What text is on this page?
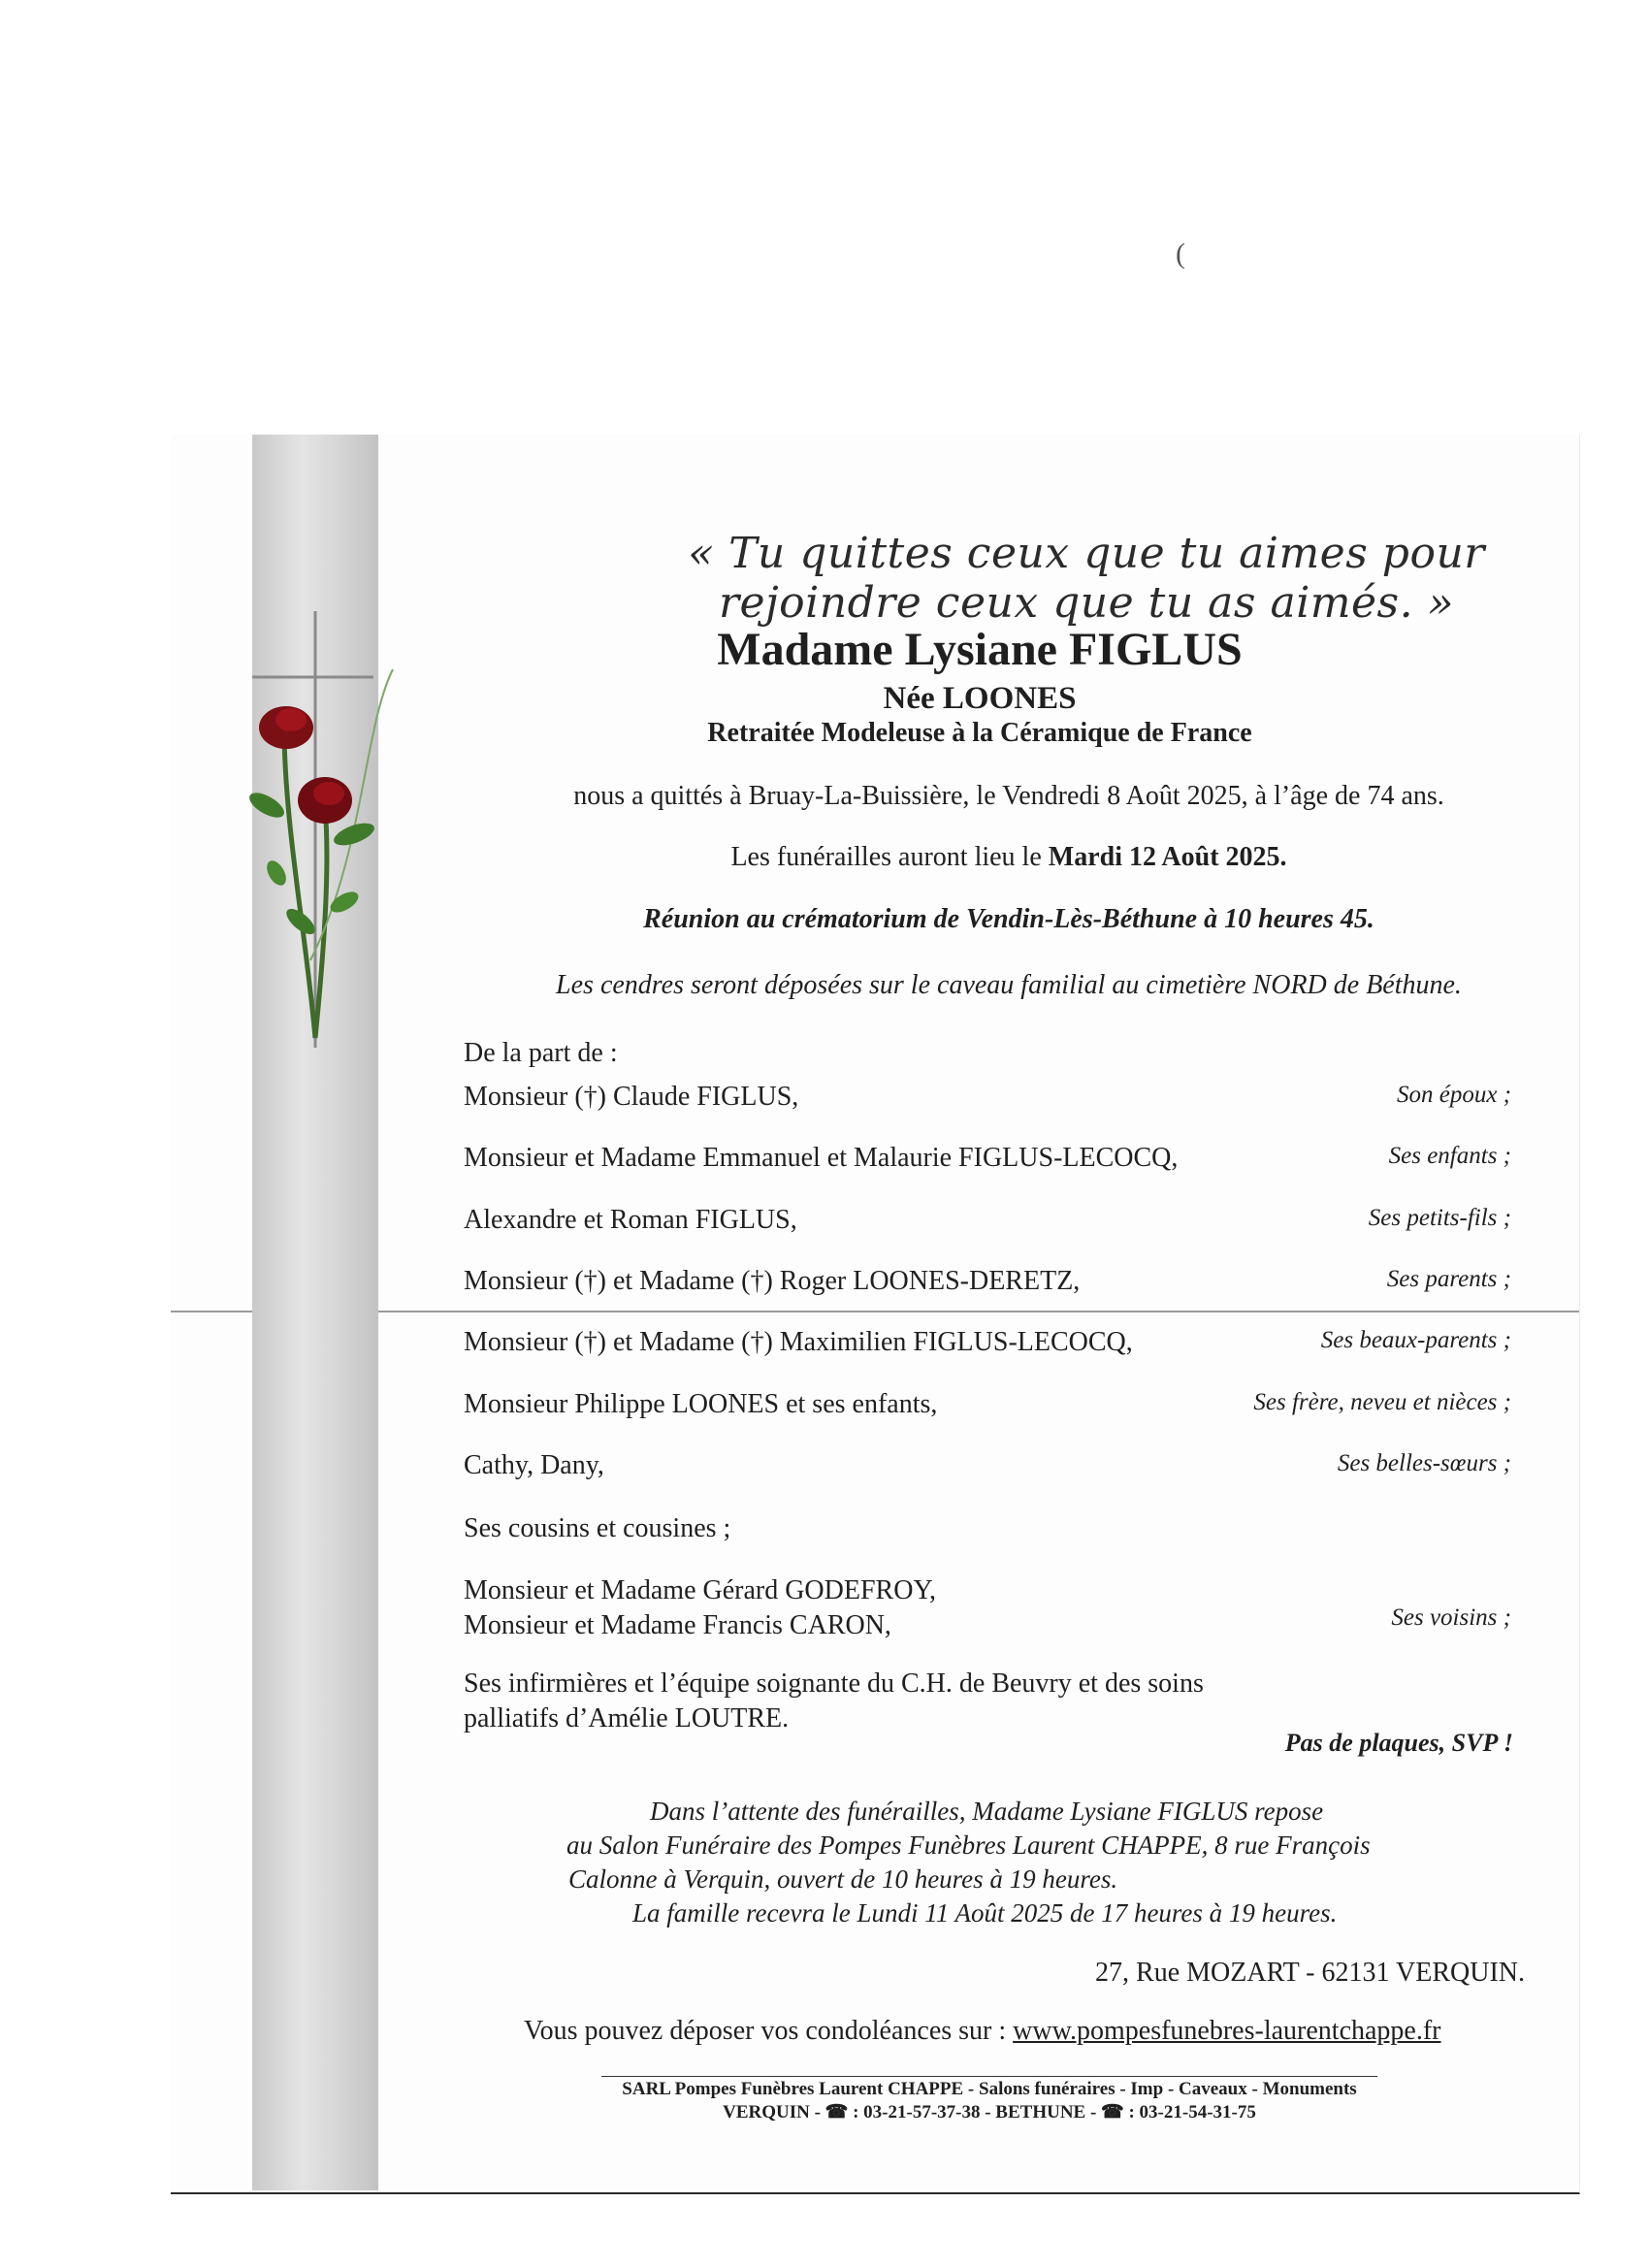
(
« Tu quittes ceux que tu aimes pour rejoindre ceux que tu as aimés. »
Madame Lysiane FIGLUS
Née LOONES
Retraitée Modeleuse à la Céramique de France
nous a quittés à Bruay-La-Buissière, le Vendredi 8 Août 2025, à l’âge de 74 ans.
Les funérailles auront lieu le Mardi 12 Août 2025.
Réunion au crématorium de Vendin-Lès-Béthune à 10 heures 45.
Les cendres seront déposées sur le caveau familial au cimetière NORD de Béthune.
De la part de :
Monsieur (†) Claude FIGLUS,	Son époux ;
Monsieur et Madame Emmanuel et Malaurie FIGLUS-LECOCQ,	Ses enfants ;
Alexandre et Roman FIGLUS,	Ses petits-fils ;
Monsieur (†) et Madame (†) Roger LOONES-DERETZ,	Ses parents ;
Monsieur (†) et Madame (†) Maximilien FIGLUS-LECOCQ,	Ses beaux-parents ;
Monsieur Philippe LOONES et ses enfants,	Ses frère, neveu et nièces ;
Cathy, Dany,	Ses belles-sœurs ;
Ses cousins et cousines ;
Monsieur et Madame Gérard GODEFROY,
Monsieur et Madame Francis CARON,	Ses voisins ;
Ses infirmières et l’équipe soignante du C.H. de Beuvry et des soins
palliatifs d’Amélie LOUTRE.
Pas de plaques, SVP !
Dans l’attente des funérailles, Madame Lysiane FIGLUS repose
au Salon Funéraire des Pompes Funèbres Laurent CHAPPE, 8 rue François
Calonne à Verquin, ouvert de 10 heures à 19 heures.
La famille recevra le Lundi 11 Août 2025 de 17 heures à 19 heures.
27, Rue MOZART - 62131 VERQUIN.
Vous pouvez déposer vos condoléances sur : www.pompesfunebres-laurentchappe.fr
SARL Pompes Funèbres Laurent CHAPPE - Salons funéraires - Imp - Caveaux - Monuments
VERQUIN - ☎ : 03-21-57-37-38 - BETHUNE - ☎ : 03-21-54-31-75
